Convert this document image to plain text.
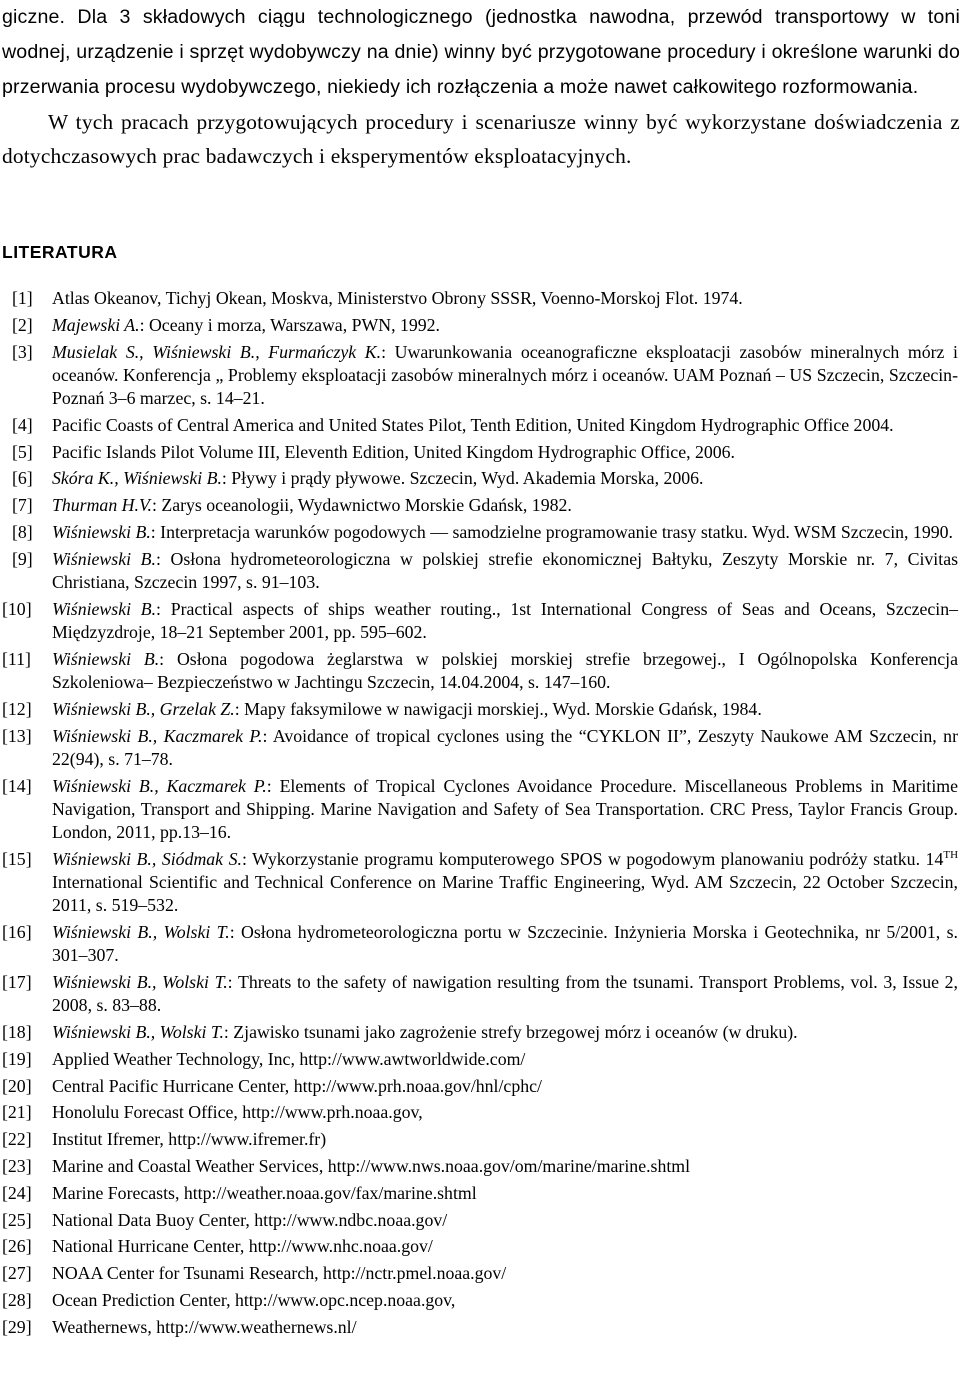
giczne. Dla 3 składowych ciągu technologicznego (jednostka nawodna, przewód transportowy w toni wodnej, urządzenie i sprzęt wydobywczy na dnie) winny być przygotowane procedury i określone warunki do przerwania procesu wydobywczego, niekiedy ich rozłączenia a może nawet całkowitego rozformowania.

W tych pracach przygotowujących procedury i scenariusze winny być wykorzystane doświadczenia z dotychczasowych prac badawczych i eksperymentów eksploatacyjnych.

LITERATURA
[1]	Atlas Okeanov, Tichyj Okean, Moskva, Ministerstvo Obrony SSSR, Voenno-Morskoj Flot. 1974.
[2]	Majewski A.: Oceany i morza, Warszawa, PWN, 1992.
[3]	Musielak S., Wiśniewski B., Furmańczyk K.: Uwarunkowania oceanograficzne eksploatacji zasobów mineralnych mórz i oceanów. Konferencja „ Problemy eksploatacji zasobów mineralnych mórz i oceanów. UAM Poznań – US Szczecin, Szczecin-Poznań 3–6 marzec, s. 14–21.
[4]	Pacific Coasts of Central America and United States Pilot, Tenth Edition, United Kingdom Hydrographic Office 2004.
[5]	Pacific Islands Pilot Volume III, Eleventh Edition, United Kingdom Hydrographic Office, 2006.
[6]	Skóra K., Wiśniewski B.: Pływy i prądy pływowe. Szczecin, Wyd. Akademia Morska, 2006.
[7]	Thurman H.V.: Zarys oceanologii, Wydawnictwo Morskie Gdańsk, 1982.
[8]	Wiśniewski B.: Interpretacja warunków pogodowych — samodzielne programowanie trasy statku. Wyd. WSM Szczecin, 1990.
[9]	Wiśniewski B.: Osłona hydrometeorologiczna w polskiej strefie ekonomicznej Bałtyku, Zeszyty Morskie nr. 7, Civitas Christiana, Szczecin 1997, s. 91–103.
[10]	Wiśniewski B.: Practical aspects of ships weather routing., 1st International Congress of Seas and Oceans, Szczecin–Międzyzdroje, 18–21 September 2001, pp. 595–602.
[11]	Wiśniewski B.: Osłona pogodowa żeglarstwa w polskiej morskiej strefie brzegowej., I Ogólnopolska Konferencja Szkoleniowa– Bezpieczeństwo w Jachtingu Szczecin, 14.04.2004, s. 147–160.
[12]	Wiśniewski B., Grzelak Z.: Mapy faksymilowe w nawigacji morskiej., Wyd. Morskie Gdańsk, 1984.
[13]	Wiśniewski B., Kaczmarek P.: Avoidance of tropical cyclones using the “CYKLON II”, Zeszyty Naukowe AM Szczecin, nr 22(94), s. 71–78.
[14]	Wiśniewski B., Kaczmarek P.: Elements of Tropical Cyclones Avoidance Procedure. Miscellaneous Problems in Maritime Navigation, Transport and Shipping. Marine Navigation and Safety of Sea Transportation. CRC Press, Taylor Francis Group. London, 2011, pp.13–16.
[15]	Wiśniewski B., Siódmak S.: Wykorzystanie programu komputerowego SPOS w pogodowym planowaniu podróży statku. 14TH International Scientific and Technical Conference on Marine Traffic Engineering, Wyd. AM Szczecin, 22 October Szczecin, 2011, s. 519–532.
[16]	Wiśniewski B., Wolski T.: Osłona hydrometeorologiczna portu w Szczecinie. Inżynieria Morska i Geotechnika, nr 5/2001, s. 301–307.
[17]	Wiśniewski B., Wolski T.: Threats to the safety of nawigation resulting from the tsunami. Transport Problems, vol. 3, Issue 2, 2008, s. 83–88.
[18]	Wiśniewski B., Wolski T.: Zjawisko tsunami jako zagrożenie strefy brzegowej mórz i oceanów (w druku).
[19]	Applied Weather Technology, Inc, http://www.awtworldwide.com/
[20]	Central Pacific Hurricane Center, http://www.prh.noaa.gov/hnl/cphc/
[21]	Honolulu Forecast Office, http://www.prh.noaa.gov,
[22]	Institut Ifremer, http://www.ifremer.fr)
[23]	Marine and Coastal Weather Services, http://www.nws.noaa.gov/om/marine/marine.shtml
[24]	Marine Forecasts, http://weather.noaa.gov/fax/marine.shtml
[25]	National Data Buoy Center, http://www.ndbc.noaa.gov/
[26]	National Hurricane Center, http://www.nhc.noaa.gov/
[27]	NOAA Center for Tsunami Research, http://nctr.pmel.noaa.gov/
[28]	Ocean Prediction Center, http://www.opc.ncep.noaa.gov,
[29]	Weathernews, http://www.weathernews.nl/
